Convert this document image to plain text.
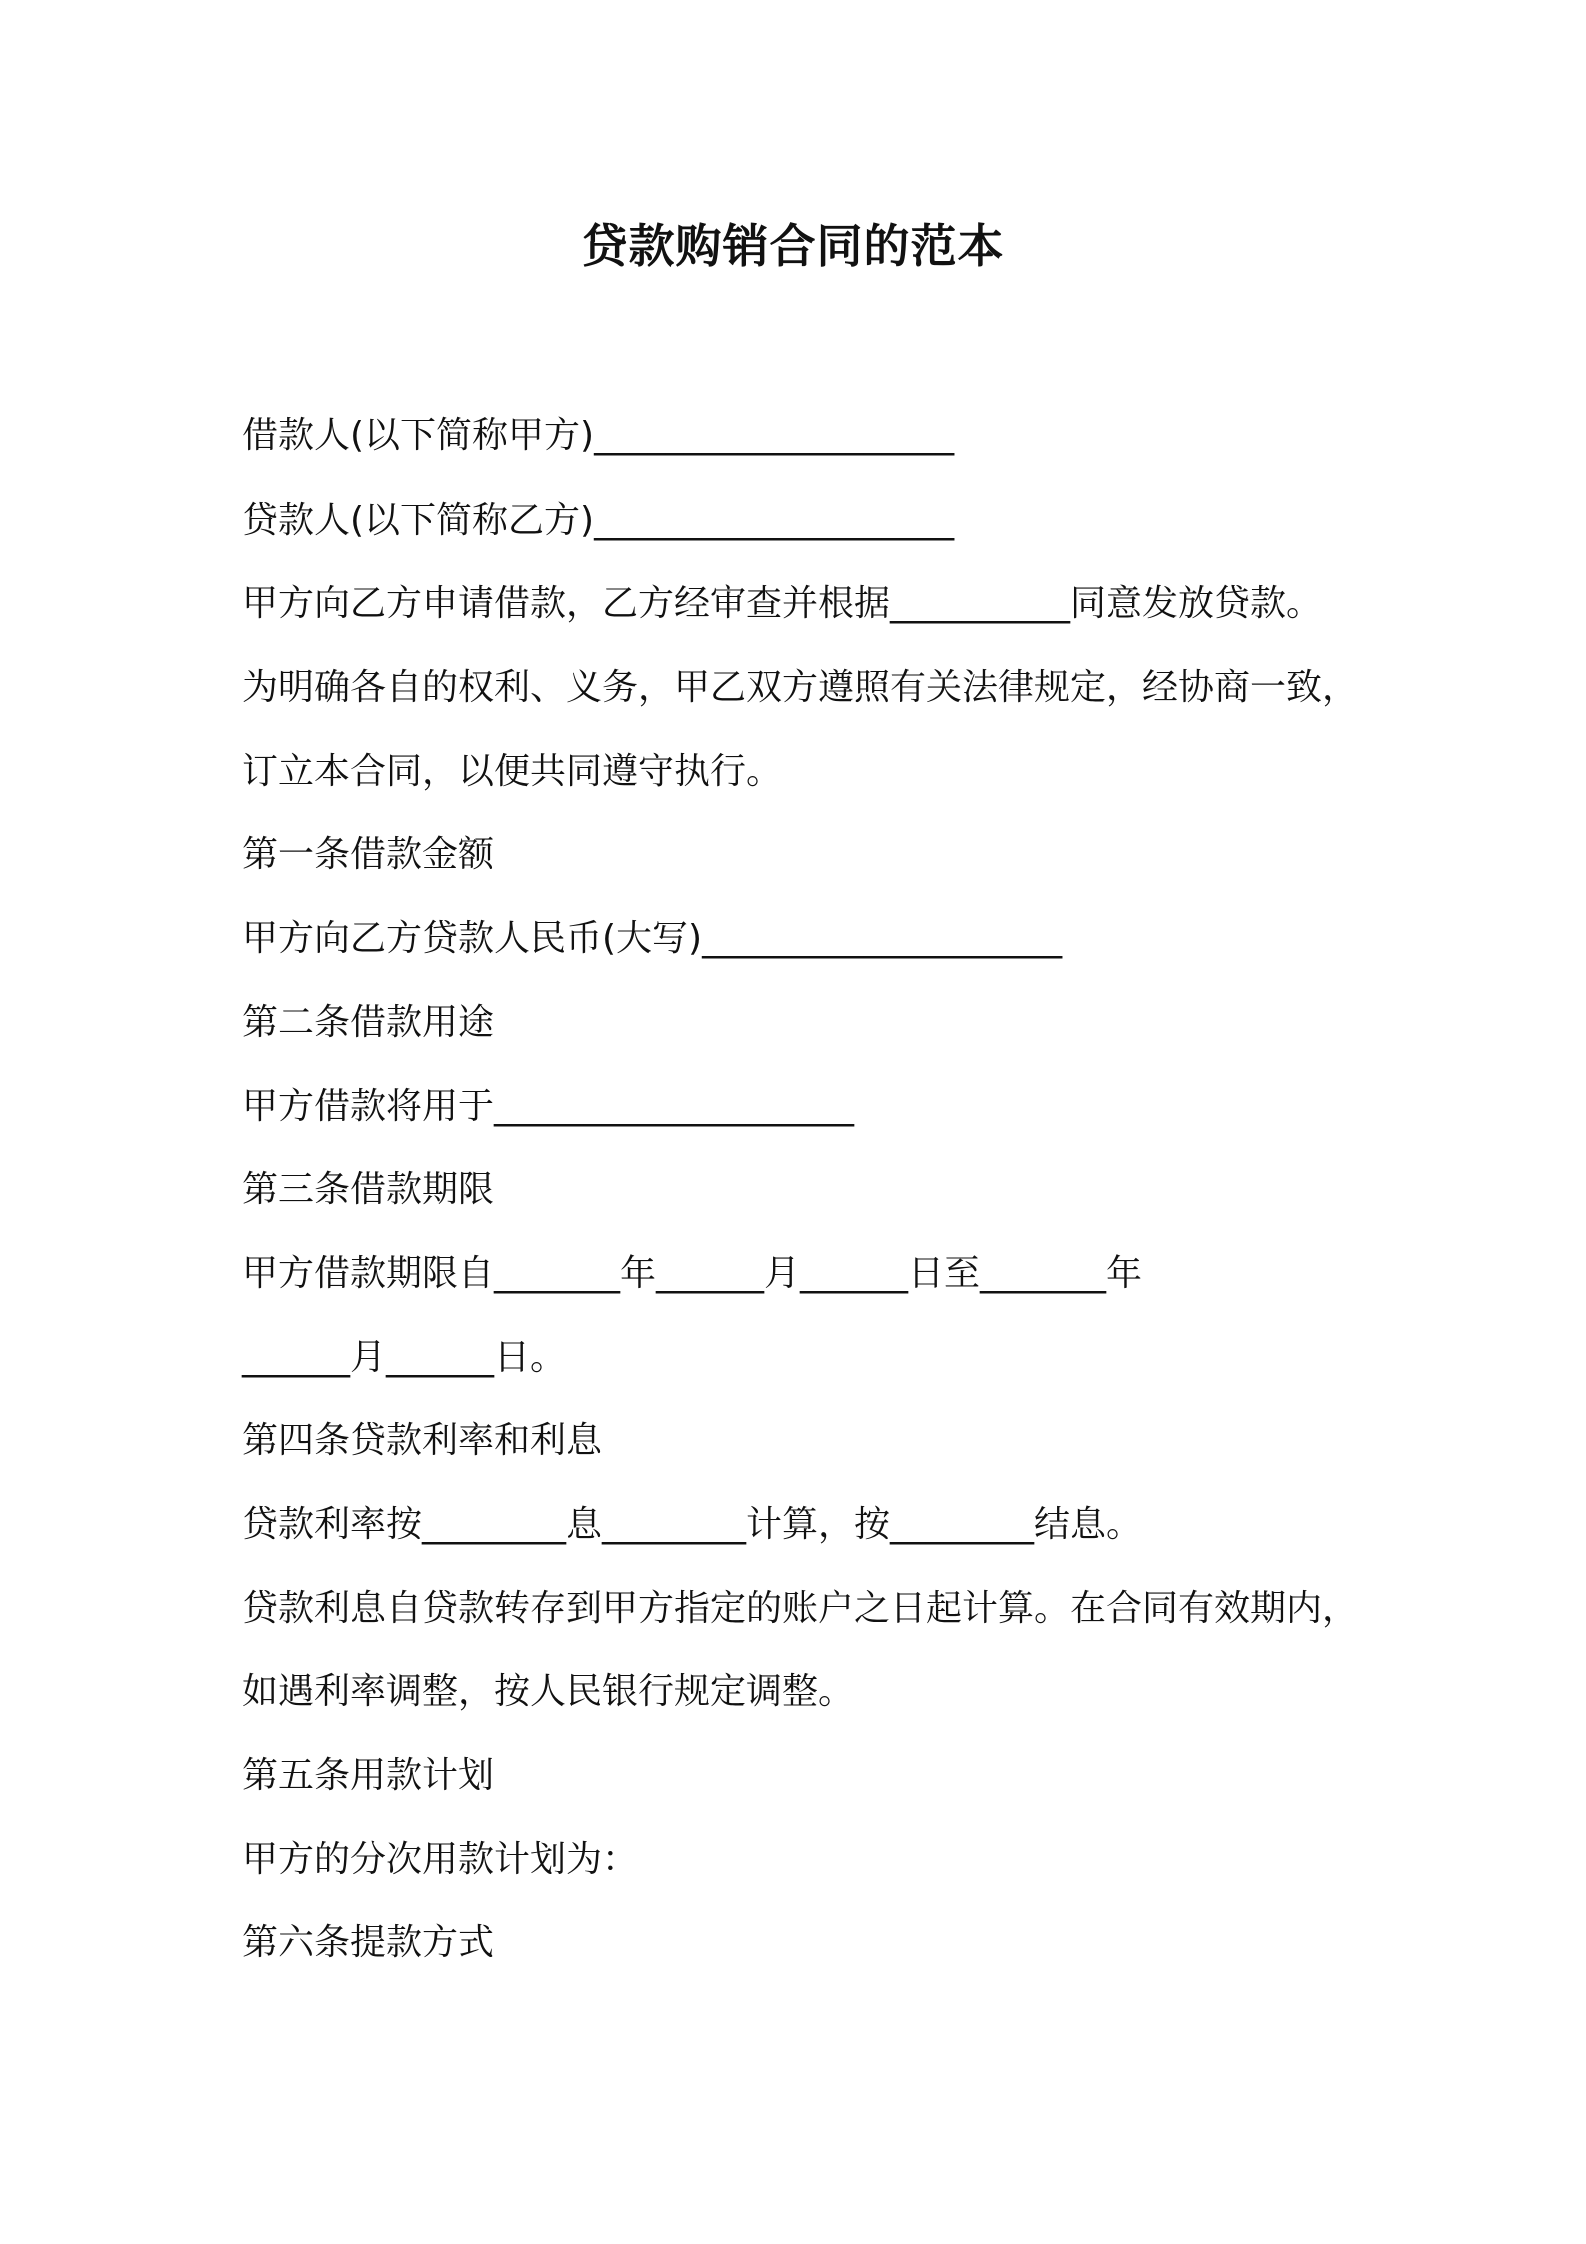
贷款购销合同的范本
借款人(以下简称甲方)____________________
贷款人(以下简称乙方)____________________
甲方向乙方申请借款，乙方经审查并根据__________同意发放贷款。
为明确各自的权利、义务，甲乙双方遵照有关法律规定，经协商一致，
订立本合同，以便共同遵守执行。
第一条借款金额
甲方向乙方贷款人民币(大写)____________________
第二条借款用途
甲方借款将用于____________________
第三条借款期限
甲方借款期限自_______年______月______日至_______年
______月______日。
第四条贷款利率和利息
贷款利率按________息________计算，按________结息。
贷款利息自贷款转存到甲方指定的账户之日起计算。在合同有效期内，
如遇利率调整，按人民银行规定调整。
第五条用款计划
甲方的分次用款计划为：
第六条提款方式
